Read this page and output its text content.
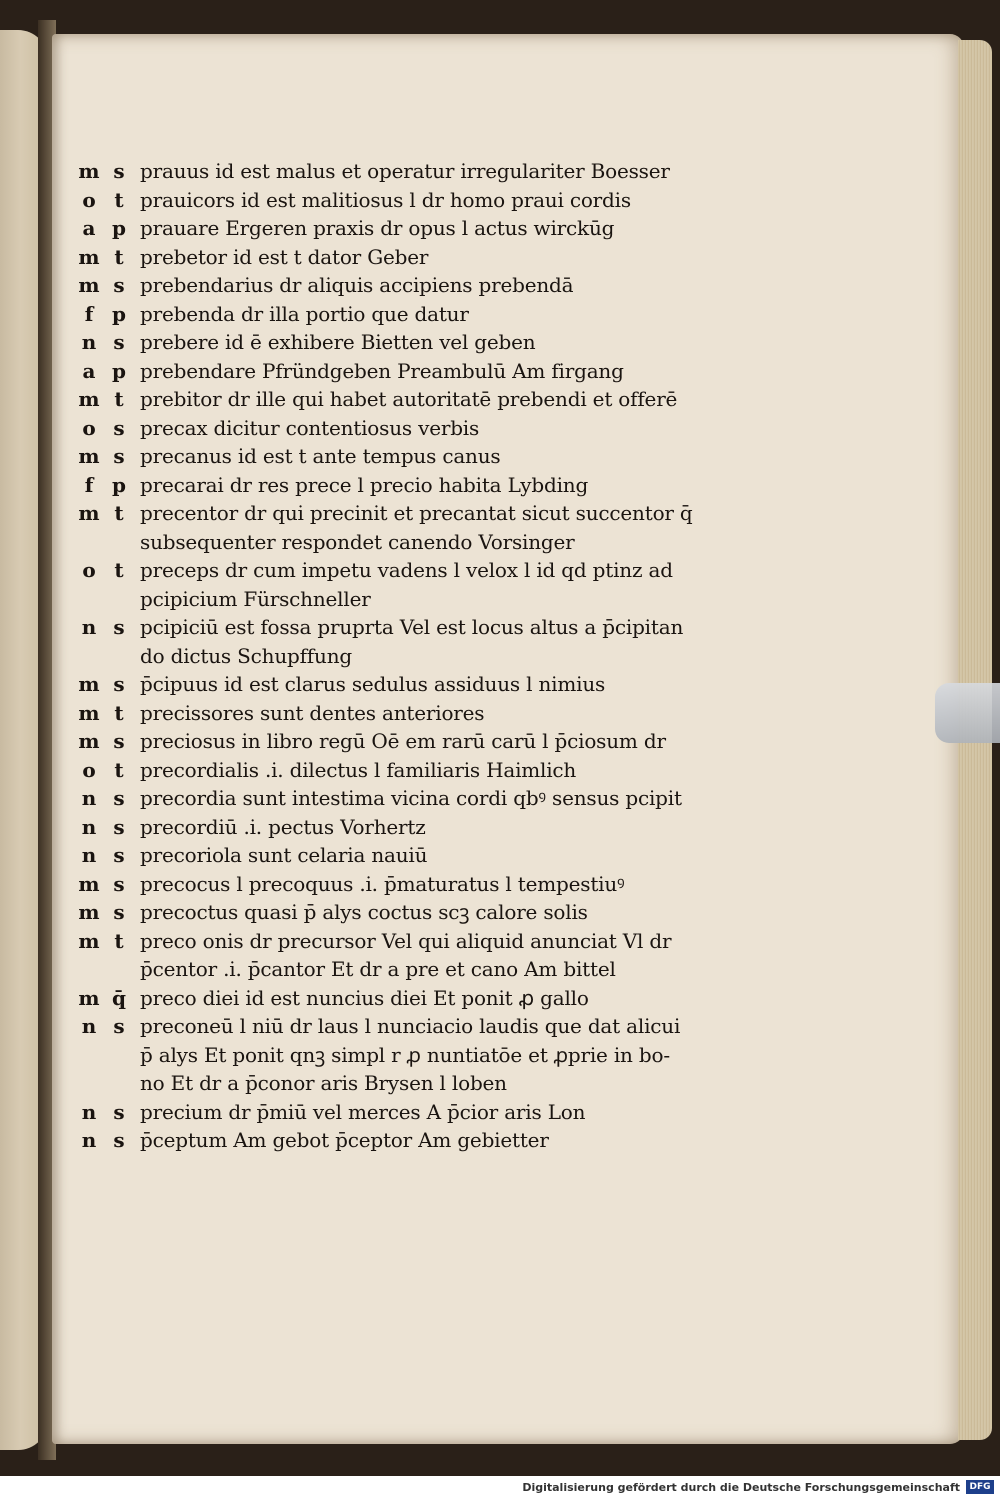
m s prauus id est malus et operatur irregulariter Boesser
o t prauicors id est malitiosus l dr homo praui cordis
a p prauare Ergeren praxis dr opus l actus wirckūg
m t prebetor id est t dator Geber
m s prebendarius dr aliquis accipiens prebendā
f p prebenda dr illa portio que datur
n s prebere id ē exhibere Bietten vel geben
a p prebendare Pfründgeben Preambulū Am firgang
m t prebitor dr ille qui habet autoritatē prebendi et offerē
o s precax dicitur contentiosus verbis
m s precanus id est t ante tempus canus
f p precarai dr res prece l precio habita Lybding
m t precentor dr qui precinit et precantat sicut succentor q̄
subsequenter respondet canendo Vorsinger
o t preceps dr cum impetu vadens l velox l id qd ptinz ad
pcipicium Fürschneller
n s pcipiciū est fossa pruprta Vel est locus altus a p̄cipitan
do dictus Schupffung
m s p̄cipuus id est clarus sedulus assiduus l nimius
m t precissores sunt dentes anteriores
m s preciosus in libro regū Oē em rarū carū l p̄ciosum dr
o t precordialis .i. dilectus l familiaris Haimlich
n s precordia sunt intestima vicina cordi qbꝰ sensus pcipit
n s precordiū .i. pectus Vorhertz
n s precoriola sunt celaria nauiū
m s precocus l precoquus .i. p̄maturatus l tempestiuꝰ
m s precoctus quasi p̄ alys coctus scꝫ calore solis
m t preco onis dr precursor Vel qui aliquid anunciat Vl dr
p̄centor .i. p̄cantor Et dr a pre et cano Am bittel
m q̄ preco diei id est nuncius diei Et ponit ꝓ gallo
n s preconeū l niū dr laus l nunciacio laudis que dat alicui
p̄ alys Et ponit qnꝫ simpl r ꝓ nuntiatōe et ꝓprie in bo-
no Et dr a p̄conor aris Brysen l loben
n s precium dr p̄miū vel merces A p̄cior aris Lon
n s p̄ceptum Am gebot p̄ceptor Am gebietter
Digitalisierung gefördert durch die Deutsche Forschungsgemeinschaft	DFG
